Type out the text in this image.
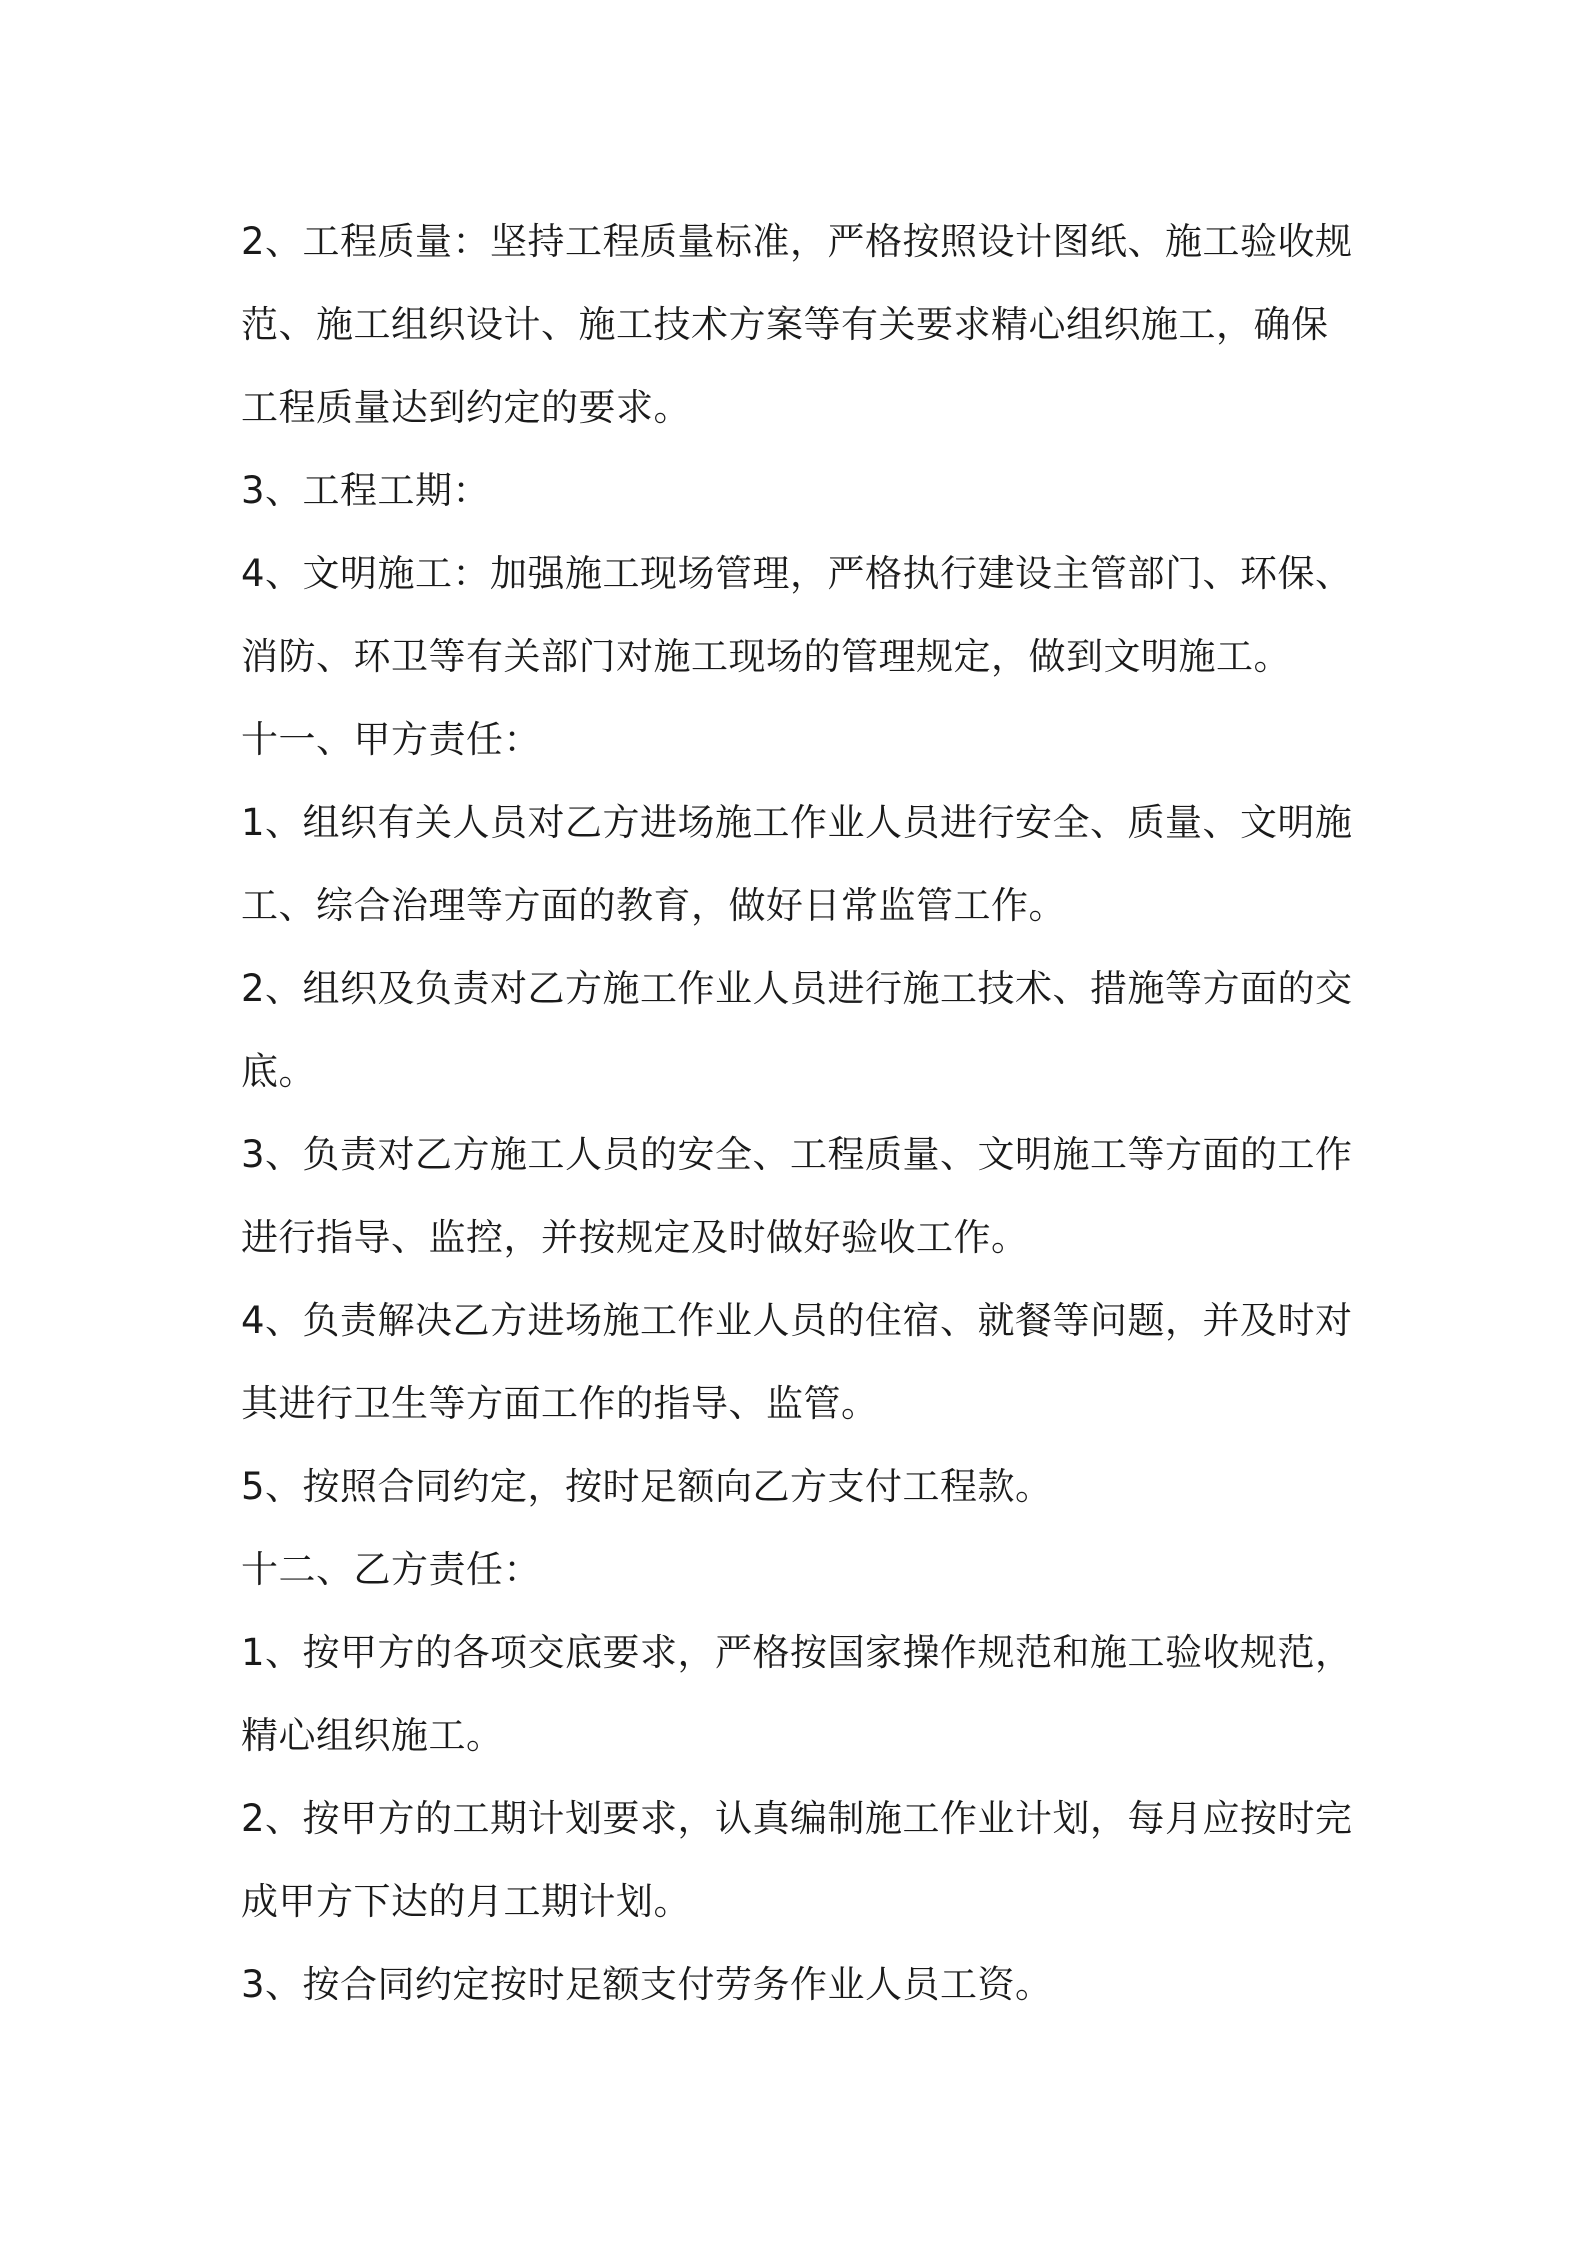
2、工程质量：坚持工程质量标准，严格按照设计图纸、施工验收规范、施工组织设计、施工技术方案等有关要求精心组织施工，确保工程质量达到约定的要求。

3、工程工期：

4、文明施工：加强施工现场管理，严格执行建设主管部门、环保、消防、环卫等有关部门对施工现场的管理规定，做到文明施工。

十一、甲方责任：

1、组织有关人员对乙方进场施工作业人员进行安全、质量、文明施工、综合治理等方面的教育，做好日常监管工作。

2、组织及负责对乙方施工作业人员进行施工技术、措施等方面的交底。

3、负责对乙方施工人员的安全、工程质量、文明施工等方面的工作进行指导、监控，并按规定及时做好验收工作。

4、负责解决乙方进场施工作业人员的住宿、就餐等问题，并及时对其进行卫生等方面工作的指导、监管。

5、按照合同约定，按时足额向乙方支付工程款。

十二、乙方责任：

1、按甲方的各项交底要求，严格按国家操作规范和施工验收规范，精心组织施工。

2、按甲方的工期计划要求，认真编制施工作业计划，每月应按时完成甲方下达的月工期计划。

3、按合同约定按时足额支付劳务作业人员工资。
